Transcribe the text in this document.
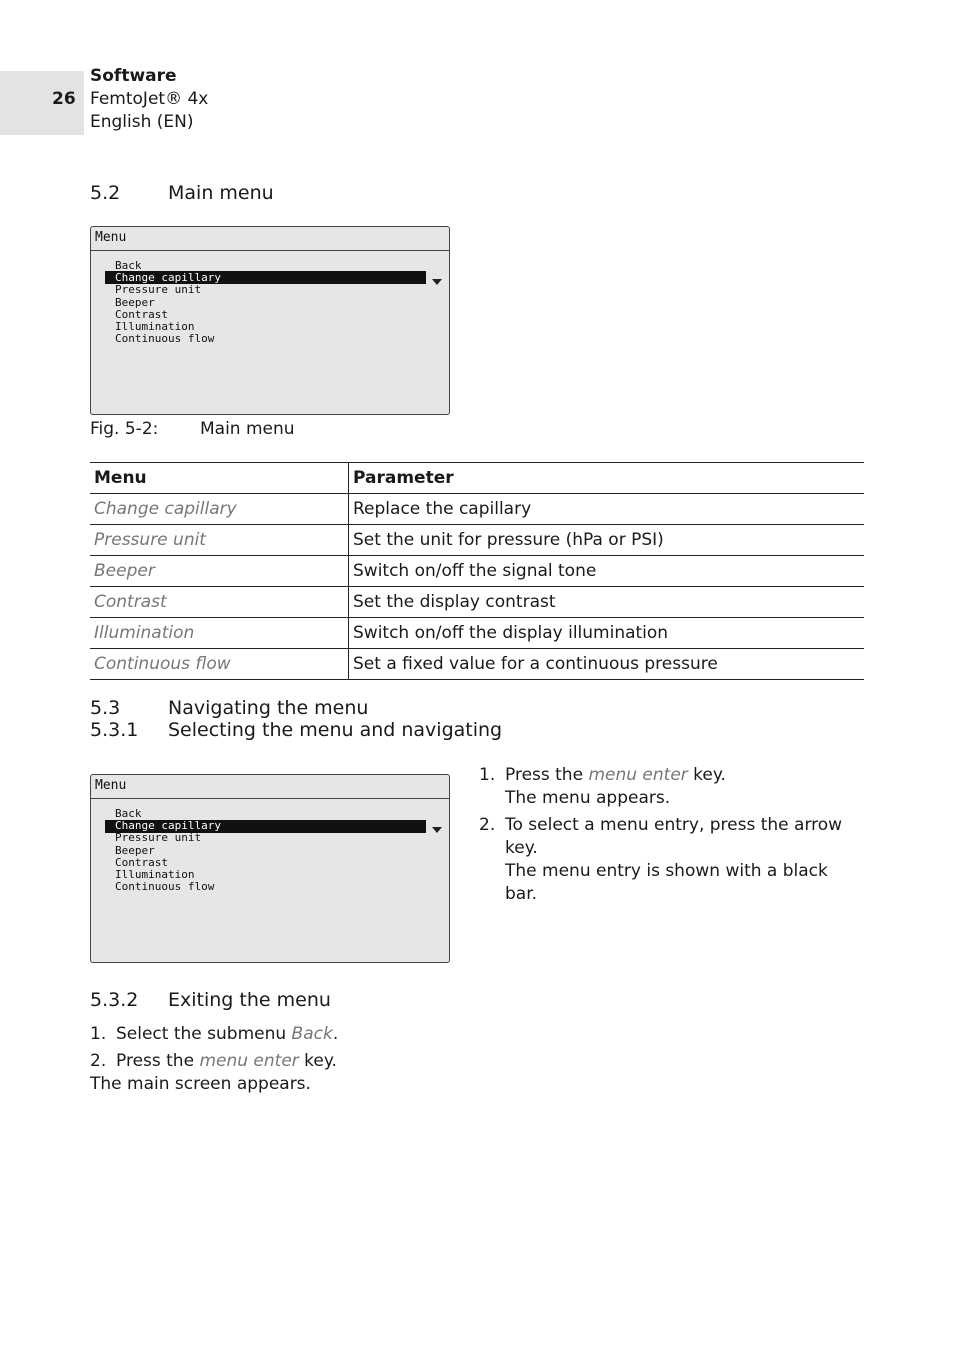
26
Software
FemtoJet® 4x
English (EN)
5.2	Main menu
Menu
Back
Change capillary
Pressure unit
Beeper
Contrast
Illumination
Continuous flow
Fig. 5-2: Main menu
Menu	Parameter
Change capillary	Replace the capillary
Pressure unit	Set the unit for pressure (hPa or PSI)
Beeper	Switch on/off the signal tone
Contrast	Set the display contrast
Illumination	Switch on/off the display illumination
Continuous flow	Set a fixed value for a continuous pressure
5.3	Navigating the menu
5.3.1 Selecting the menu and navigating
Menu
Back
Change capillary
Pressure unit
Beeper
Contrast
Illumination
Continuous flow
1. Press the menu enter key.
The menu appears.
2. To select a menu entry, press the arrow
key.
The menu entry is shown with a black
bar.
5.3.2 Exiting the menu
1. Select the submenu Back.
2. Press the menu enter key.
The main screen appears.
